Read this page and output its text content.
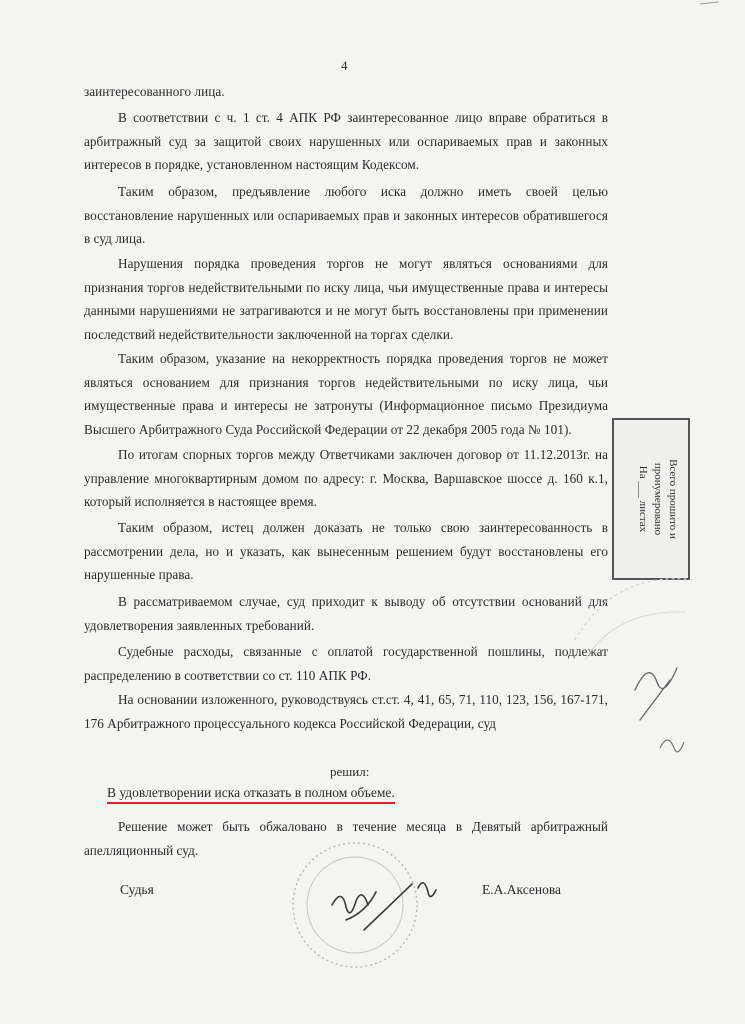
4
заинтересованного лица.
В соответствии с ч. 1 ст. 4 АПК РФ заинтересованное лицо вправе обратиться в арбитражный суд за защитой своих нарушенных или оспариваемых прав и законных интересов в порядке, установленном настоящим Кодексом.
Таким образом, предъявление любого иска должно иметь своей целью восстановление нарушенных или оспариваемых прав и законных интересов обратившегося в суд лица.
Нарушения порядка проведения торгов не могут являться основаниями для признания торгов недействительными по иску лица, чьи имущественные права и интересы данными нарушениями не затрагиваются и не могут быть восстановлены при применении последствий недействительности заключенной на торгах сделки.
Таким образом, указание на некорректность порядка проведения торгов не может являться основанием для признания торгов недействительными по иску лица, чьи имущественные права и интересы не затронуты (Информационное письмо Президиума Высшего Арбитражного Суда Российской Федерации от 22 декабря 2005 года № 101).
По итогам спорных торгов между Ответчиками заключен договор от 11.12.2013г. на управление многоквартирным домом по адресу: г. Москва, Варшавское шоссе д. 160 к.1, который исполняется в настоящее время.
Таким образом, истец должен доказать не только свою заинтересованность в рассмотрении дела, но и указать, как вынесенным решением будут восстановлены его нарушенные права.
В рассматриваемом случае, суд приходит к выводу об отсутствии оснований для удовлетворения заявленных требований.
Судебные расходы, связанные с оплатой государственной пошлины, подлежат распределению в соответствии со ст. 110 АПК РФ.
На основании изложенного, руководствуясь ст.ст. 4, 41, 65, 71, 110, 123, 156, 167-171, 176 Арбитражного процессуального кодекса Российской Федерации, суд
решил:
В удовлетворении иска отказать в полном объеме.
Решение может быть обжаловано в течение месяца в Девятый арбитражный апелляционный суд.
Судья	Е.А.Аксенова
Всего прошито и
пронумеровано
На ___ листах
